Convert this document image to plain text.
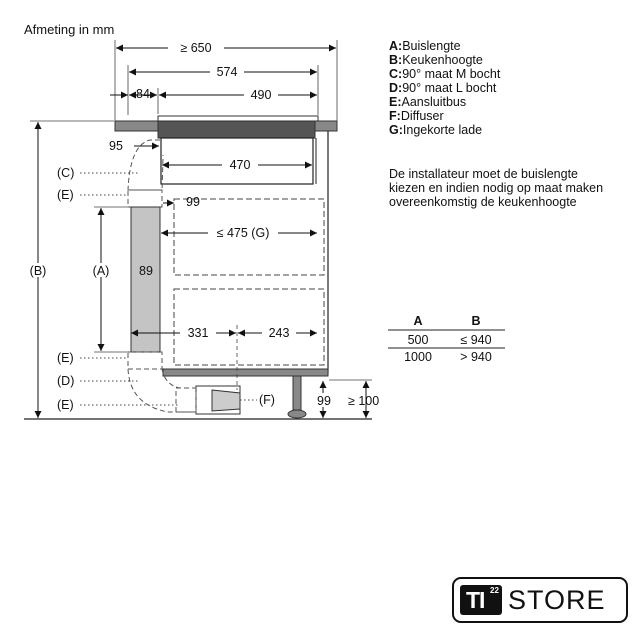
Afmeting in mm
≥ 650
574
84	490
95
470
99
≤ 475 (G)
89
331	243
(A)
(B)
99 ≥ 100
(C)
(E)
(E)
(D)
(E)	(F)
A	B
500	≤ 940
1000 > 940
A:Buislengte
B:Keukenhoogte
C:90° maat M bocht
D:90° maat L bocht
E:Aansluitbus
F:Diffuser
G:Ingekorte lade
De installateur moet de buislengte kiezen en indien nodig op maat maken overeenkomstig de keukenhoogte
TI 22 STORE
